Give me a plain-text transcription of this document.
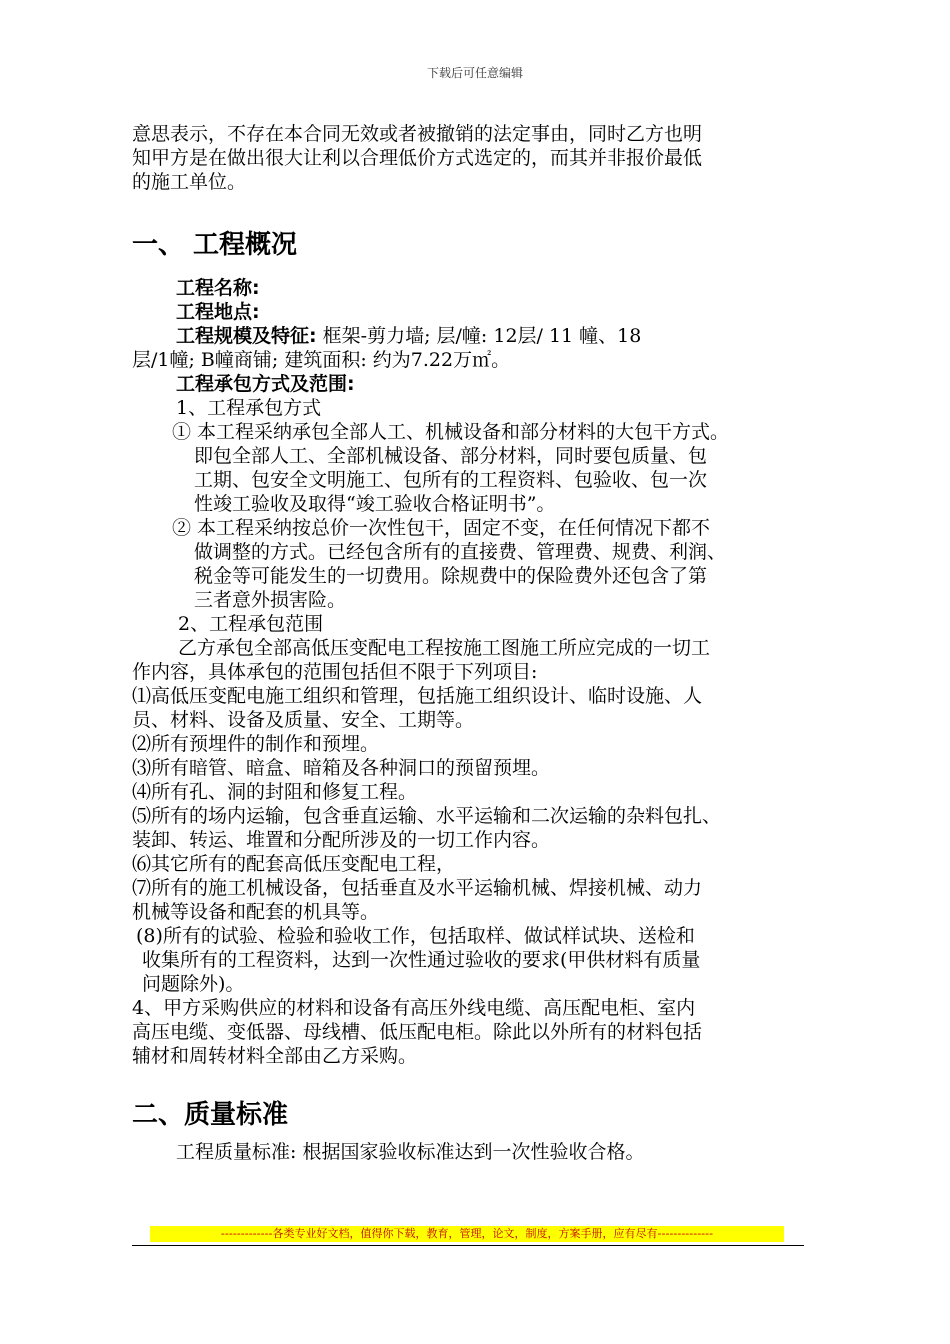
下载后可任意编辑
意思表示，不存在本合同无效或者被撤销的法定事由，同时乙方也明
知甲方是在做出很大让利以合理低价方式选定的，而其并非报价最低
的施工单位。
一、 工程概况
工程名称:
工程地点:
工程规模及特征: 框架-剪力墙; 层/幢: 12层/ 11 幢、18
层/1幢; B幢商铺; 建筑面积: 约为7.22万㎡。
工程承包方式及范围:
1、工程承包方式
① 本工程采纳承包全部人工、机械设备和部分材料的大包干方式。
即包全部人工、全部机械设备、部分材料，同时要包质量、包
工期、包安全文明施工、包所有的工程资料、包验收、包一次
性竣工验收及取得“竣工验收合格证明书”。
② 本工程采纳按总价一次性包干，固定不变，在任何情况下都不
做调整的方式。已经包含所有的直接费、管理费、规费、利润、
税金等可能发生的一切费用。除规费中的保险费外还包含了第
三者意外损害险。
2、工程承包范围
乙方承包全部高低压变配电工程按施工图施工所应完成的一切工
作内容，具体承包的范围包括但不限于下列项目:
⑴高低压变配电施工组织和管理，包括施工组织设计、临时设施、人
员、材料、设备及质量、安全、工期等。
⑵所有预埋件的制作和预埋。
⑶所有暗管、暗盒、暗箱及各种洞口的预留预埋。
⑷所有孔、洞的封阻和修复工程。
⑸所有的场内运输，包含垂直运输、水平运输和二次运输的杂料包扎、
装卸、转运、堆置和分配所涉及的一切工作内容。
⑹其它所有的配套高低压变配电工程，
⑺所有的施工机械设备，包括垂直及水平运输机械、焊接机械、动力
机械等设备和配套的机具等。
(8)所有的试验、检验和验收工作，包括取样、做试样试块、送检和
收集所有的工程资料，达到一次性通过验收的要求(甲供材料有质量
问题除外)。
4、甲方采购供应的材料和设备有高压外线电缆、高压配电柜、室内
高压电缆、变低器、母线槽、低压配电柜。除此以外所有的材料包括
辅材和周转材料全部由乙方采购。
二、质量标准
工程质量标准: 根据国家验收标准达到一次性验收合格。
-------------各类专业好文档，值得你下载，教育，管理，论文，制度，方案手册，应有尽有--------------
